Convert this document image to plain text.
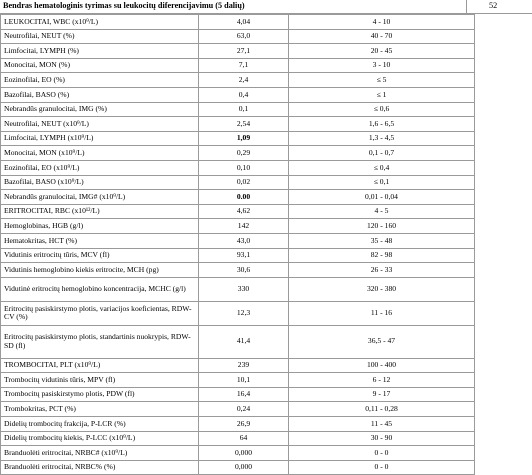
Bendras hematologinis tyrimas su leukocitų diferencijavimu (5 dalių)	52
LEUKOCITAI, WBC (x10⁹/L)	4,04	4 - 10
Neutrofilai, NEUT (%)	63,0	40 - 70
Limfocitai, LYMPH (%)	27,1	20 - 45
Monocitai, MON (%)	7,1	3 - 10
Eozinofilai, EO (%)	2,4	≤ 5
Bazofilai, BASO (%)	0,4	≤ 1
Nebrandūs granulocitai, IMG (%)	0,1	≤ 0,6
Neutrofilai, NEUT (x10⁹/L)	2,54	1,6 - 6,5
Limfocitai, LYMPH (x10⁹/L)	1,09	1,3 - 4,5
Monocitai, MON (x10⁹/L)	0,29	0,1 - 0,7
Eozinofilai, EO (x10⁹/L)	0,10	≤ 0,4
Bazofilai, BASO (x10⁹/L)	0,02	≤ 0,1
Nebrandūs granulocitai, IMG# (x10⁹/L)	0.00	0,01 - 0,04
ERITROCITAI, RBC (x10¹²/L)	4,62	4 - 5
Hemoglobinas, HGB (g/l)	142	120 - 160
Hematokritas, HCT (%)	43,0	35 - 48
Vidutinis eritrocitų tūris, MCV (fl)	93,1	82 - 98
Vidutinis hemoglobino kiekis eritrocite, MCH (pg)	30,6	26 - 33
Vidutinė eritrocitų hemoglobino koncentracija, MCHC (g/l)	330	320 - 380
Eritrocitų pasiskirstymo plotis, variacijos koeficientas, RDW-CV (%)	12,3	11 - 16
Eritrocitų pasiskirstymo plotis, standartinis nuokrypis, RDW-SD (fl)	41,4	36,5 - 47
TROMBOCITAI, PLT (x10⁹/L)	239	100 - 400
Trombocitų vidutinis tūris, MPV (fl)	10,1	6 - 12
Trombocitų pasiskirstymo plotis, PDW (fl)	16,4	9 - 17
Trombokritas, PCT (%)	0,24	0,11 - 0,28
Didelių trombocitų frakcija, P-LCR (%)	26,9	11 - 45
Didelių trombocitų kiekis, P-LCC (x10⁹/L)	64	30 - 90
Branduolėti eritrocitai, NRBC# (x10⁹/L)	0,000	0 - 0
Branduolėti eritrocitai, NRBC% (%)	0,000	0 - 0
